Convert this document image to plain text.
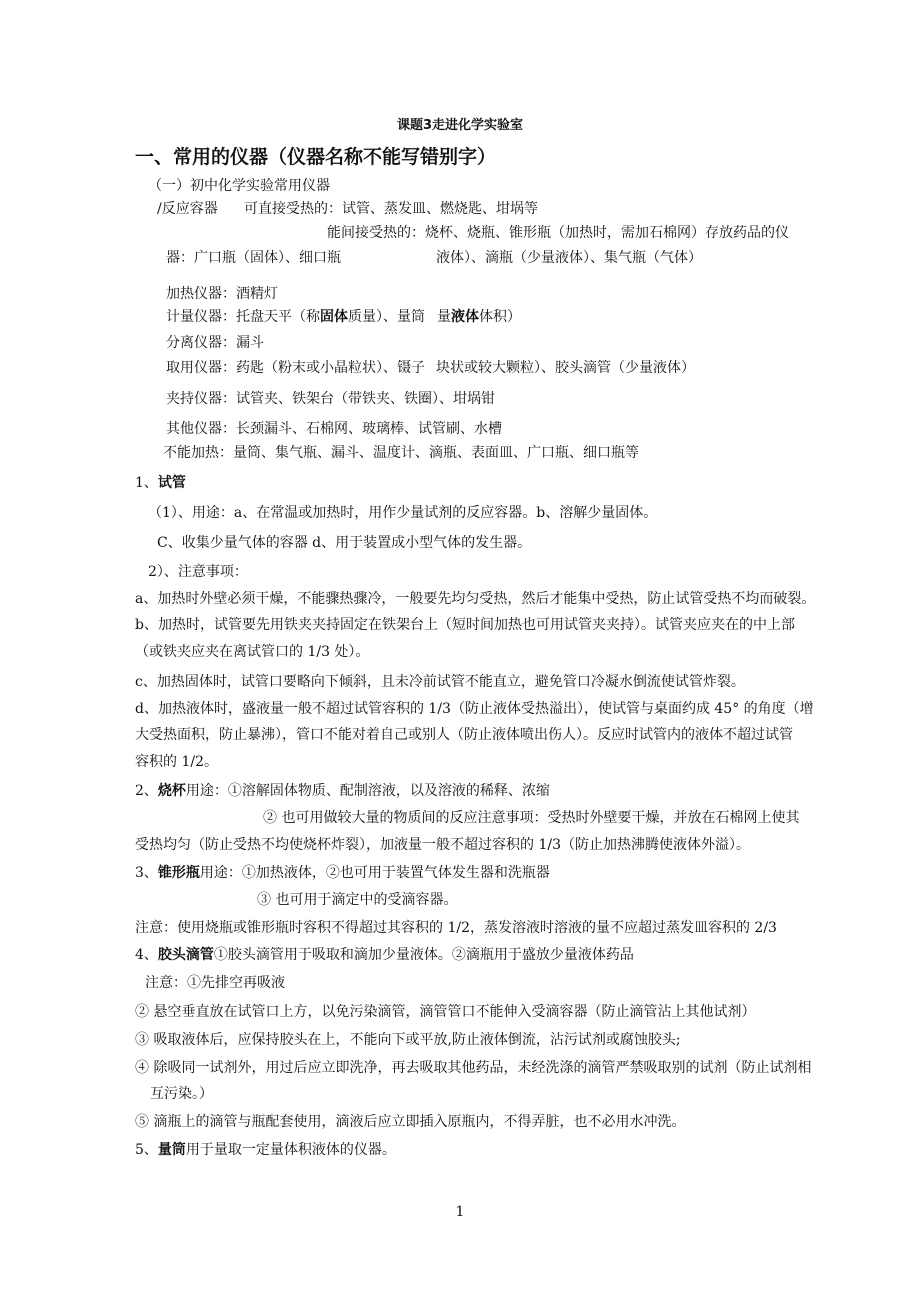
课题3走进化学实验室
一、常用的仪器（仪器名称不能写错别字）
（一）初中化学实验常用仪器
/反应容器 可直接受热的：试管、蒸发皿、燃烧匙、坩埚等
能间接受热的：烧杯、烧瓶、锥形瓶（加热时，需加石棉网）存放药品的仪
器：广口瓶（固体）、细口瓶	液体）、滴瓶（少量液体）、集气瓶（气体）
加热仪器：酒精灯
计量仪器：托盘天平（称固体质量）、量筒 量液体体积）
分离仪器：漏斗
取用仪器：药匙（粉末或小晶粒状）、镊子 块状或较大颗粒）、胶头滴管（少量液体）
夹持仪器：试管夹、铁架台（带铁夹、铁圈）、坩埚钳
其他仪器：长颈漏斗、石棉网、玻璃棒、试管刷、水槽
不能加热：量筒、集气瓶、漏斗、温度计、滴瓶、表面皿、广口瓶、细口瓶等
1、试管
（1）、用途：a、在常温或加热时，用作少量试剂的反应容器。b、溶解少量固体。
C、收集少量气体的容器 d、用于装置成小型气体的发生器。
2）、注意事项：
a、加热时外壁必须干燥，不能骤热骤冷，一般要先均匀受热，然后才能集中受热，防止试管受热不均而破裂。
b、加热时，试管要先用铁夹夹持固定在铁架台上（短时间加热也可用试管夹夹持）。试管夹应夹在的中上部
（或铁夹应夹在离试管口的 1/3 处）。
c、加热固体时，试管口要略向下倾斜，且未冷前试管不能直立，避免管口冷凝水倒流使试管炸裂。
d、加热液体时，盛液量一般不超过试管容积的 1/3（防止液体受热溢出），使试管与桌面约成 45° 的角度（增
大受热面积，防止暴沸），管口不能对着自己或别人（防止液体喷出伤人）。反应时试管内的液体不超过试管
容积的 1/2。
2、烧杯用途：①溶解固体物质、配制溶液，以及溶液的稀释、浓缩
② 也可用做较大量的物质间的反应注意事项：受热时外壁要干燥，并放在石棉网上使其
受热均匀（防止受热不均使烧杯炸裂），加液量一般不超过容积的 1/3（防止加热沸腾使液体外溢）。
3、锥形瓶用途：①加热液体，②也可用于装置气体发生器和洗瓶器
③ 也可用于滴定中的受滴容器。
注意：使用烧瓶或锥形瓶时容积不得超过其容积的 1/2，蒸发溶液时溶液的量不应超过蒸发皿容积的 2/3
4、胶头滴管①胶头滴管用于吸取和滴加少量液体。②滴瓶用于盛放少量液体药品
注意：①先排空再吸液
② 悬空垂直放在试管口上方，以免污染滴管，滴管管口不能伸入受滴容器（防止滴管沾上其他试剂）
③ 吸取液体后，应保持胶头在上，不能向下或平放,防止液体倒流，沾污试剂或腐蚀胶头;
④ 除吸同一试剂外，用过后应立即洗净，再去吸取其他药品，未经洗涤的滴管严禁吸取别的试剂（防止试剂相
互污染。）
⑤ 滴瓶上的滴管与瓶配套使用，滴液后应立即插入原瓶内，不得弄脏，也不必用水冲洗。
5、量筒用于量取一定量体积液体的仪器。
1
